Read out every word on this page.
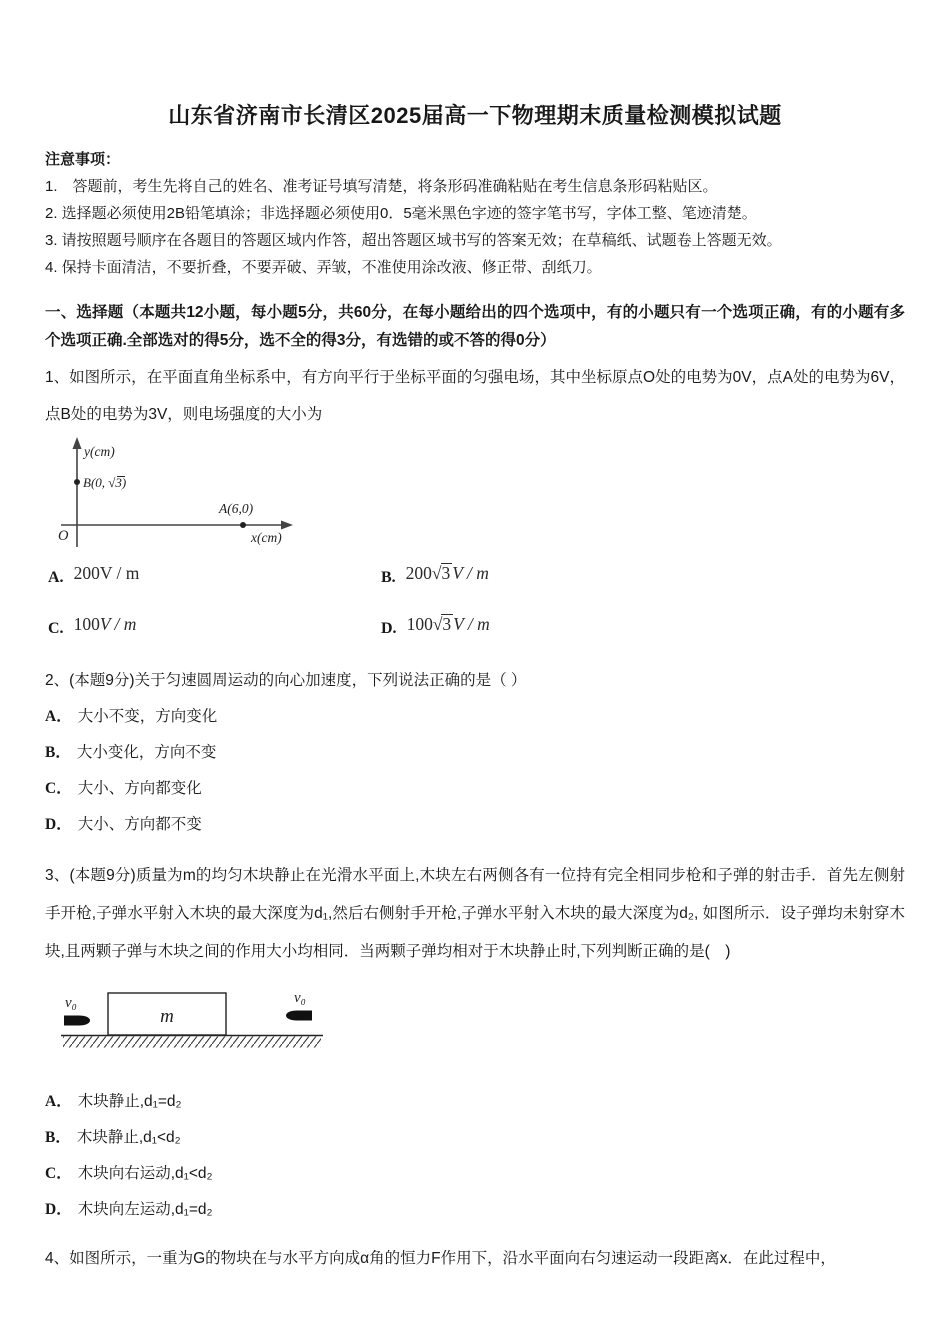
山东省济南市长清区2025届高一下物理期末质量检测模拟试题

注意事项：

1.　答题前，考生先将自己的姓名、准考证号填写清楚，将条形码准确粘贴在考生信息条形码粘贴区。

2. 选择题必须使用2B铅笔填涂；非选择题必须使用0．5毫米黑色字迹的签字笔书写，字体工整、笔迹清楚。

3. 请按照题号顺序在各题目的答题区域内作答，超出答题区域书写的答案无效；在草稿纸、试题卷上答题无效。

4. 保持卡面清洁，不要折叠，不要弄破、弄皱，不准使用涂改液、修正带、刮纸刀。

一、选择题（本题共12小题，每小题5分，共60分，在每小题给出的四个选项中，有的小题只有一个选项正确，有的小题有多个选项正确.全部选对的得5分，选不全的得3分，有选错的或不答的得0分）

1、如图所示，在平面直角坐标系中，有方向平行于坐标平面的匀强电场，其中坐标原点O处的电势为0V，点A处的电势为6V，点B处的电势为3V，则电场强度的大小为

y(cm)
B(0, √3)
A(6,0)
x(cm)
O
A. 200V / m	B. 200√3 V / m
C. 100V / m	D. 100√3 V / m

2、(本题9分)关于匀速圆周运动的向心加速度，下列说法正确的是（ ）

A． 大小不变，方向变化

B． 大小变化，方向不变

C． 大小、方向都变化

D． 大小、方向都不变

3、(本题9分)质量为m的均匀木块静止在光滑水平面上,木块左右两侧各有一位持有完全相同步枪和子弹的射击手．首先左侧射手开枪,子弹水平射入木块的最大深度为d₁,然后右侧射手开枪,子弹水平射入木块的最大深度为d₂, 如图所示．设子弹均未射穿木块,且两颗子弹与木块之间的作用大小均相同．当两颗子弹均相对于木块静止时,下列判断正确的是(　)

m
v₀	v₀

A． 木块静止,d₁=d₂

B． 木块静止,d₁<d₂

C． 木块向右运动,d₁<d₂

D． 木块向左运动,d₁=d₂

4、如图所示，一重为G的物块在与水平方向成α角的恒力F作用下，沿水平面向右匀速运动一段距离x．在此过程中，
